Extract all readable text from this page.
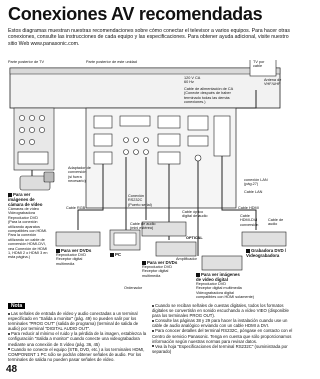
Conexiones AV recomendadas
Estos diagramas muestran nuestras recomendaciones sobre cómo conectar el televisor a varios equipos. Para hacer otras conexiones, consulte las instrucciones de cada equipo y las especificaciones. Para obtener ayuda adicional, visite nuestro sitio Web www.panasonic.com.
Parte posterior de TV	Parte posterior de este unidad
120 V CA
60 Hz
Cable de alimentación de CA
(Conecte después de haber
terminado todas las demás
conexiones.)
TV por
cable
Antena de
VHF/UHF
conexión LAN
(pág.27)
Cable LAN
Cable RGB
Adaptador de
conversión
(si fuera
necesario)
Conexión
RS232C
(Puerto serial)
Cable de audio
(mini estéreo)
OPTICAL
Cable óptico
digital de audio
Cable HDMI
Cable
HDMI-DVI
conversión
Cable de
audio
Ordenador
Amplificador
Para ver imágenes de cámara de vídeo
Cámaras de vídeo Videograbadora Reproductor DVD (Para la conexión utilizando aparatos compatibles con HDMI. Para la conexión utilizando un cable de conversión HDMI-DVI, vea Conexión de HDMI 1, HDMI 2 o HDMI 3 en esta página.)
Para ver DVDs
Reproductor DVD
Receptor digital
multimedia
PC
Para ver DVDs
Reproductor DVD
Receptor digital
multimedia	Para ver imágenes de vídeo digital
Reproductor DVD
Receptor digital multimedia
Videograbadora digital
compatibles con HDMI solamente)
Grabadora DVD / Videograbadora
Nota
Las señales de entrada de vídeo y audio conectadas a un terminal especificado en "Salida a monitor" (pág. 49) no pueden salir por los terminales "PROG OUT" (salida de programa) (terminal de salida de audio) por terminal "DIGITAL AUDIO OUT".
Para reducir al mínimo el ruido y la pérdida de la imagen, establezca la configuración "Salida a monitor" cuando conecte una videograbadora mediante una conexión de S vídeo (pág. 36, 45)
Cuando se conecte el equipo (STB, DVD, etc.) a los terminales HDMI, COMPONENT 1 PC sólo se podrán obtener señales de audio. Por los terminales de salida no pueden pasar señales de vídeo.
Cuando se reciban señales de cuestas digitales, todos los formatos digitales se convertirán en sonido escuchando a vídeo VIEO (disponible para los terminales PROG OUT).
Consulte las páginas 38 y 29 para hacer la instalación cuando use un cable de audio analógico enviando con un cable HDMI a DVI.
Para conocer detalles del terminal RS232C, póngase en contacto con el Centro de servicio Panasonic. Tenga en cuenta que sólo proporcionamos información según nuestras normas para revisar datos.
Vea la hoja "Especificaciones del terminal RS232C" (suministrada por separado)
48
